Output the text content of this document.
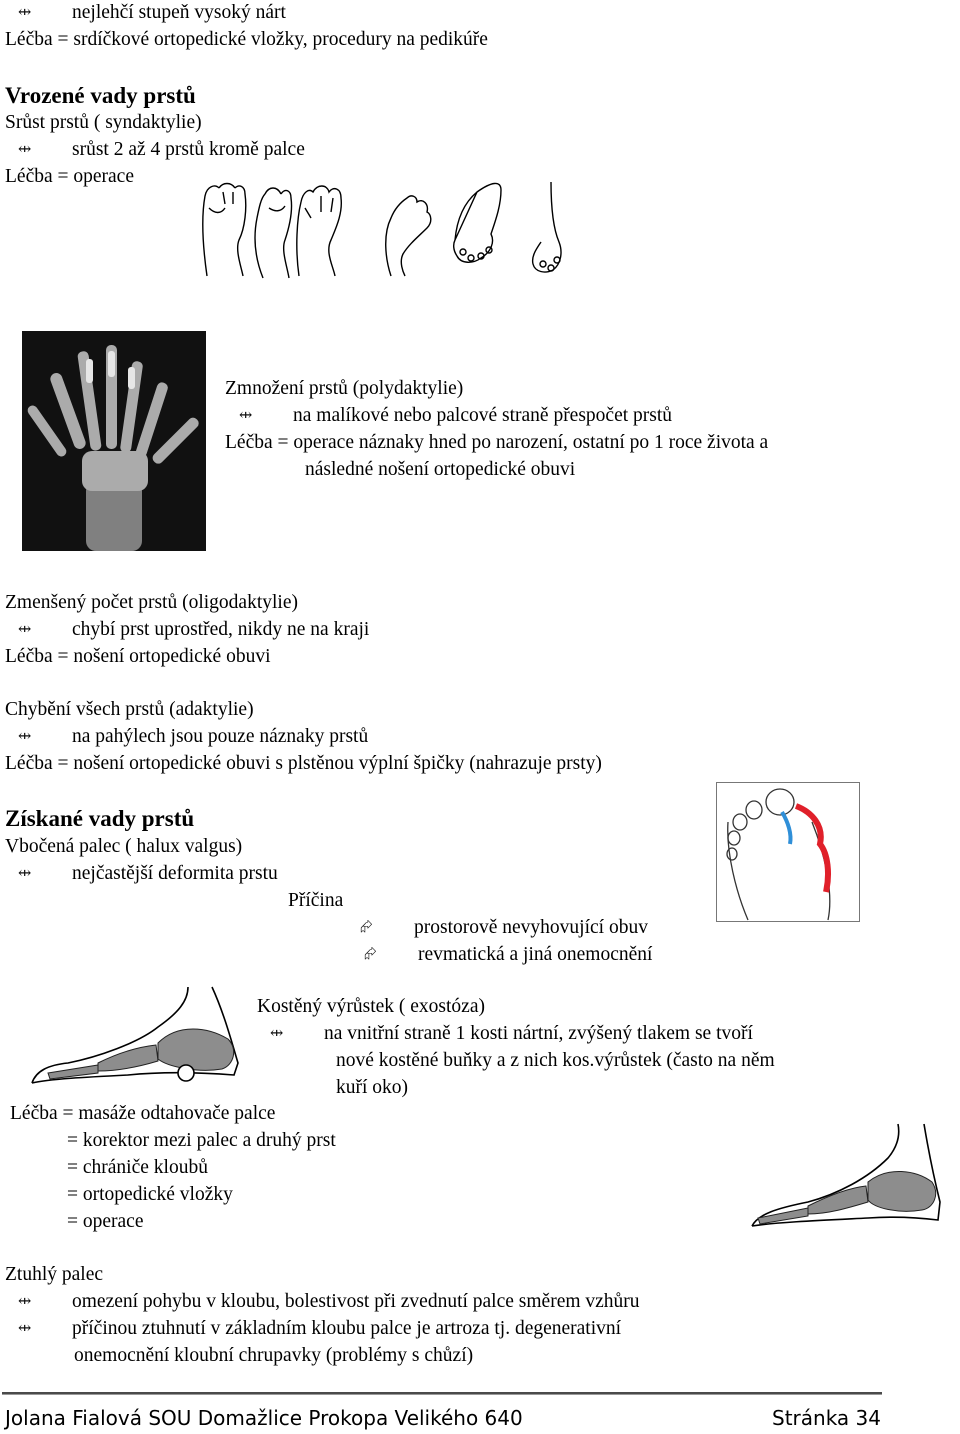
⇹ nejlehčí stupeň vysoký nárt
Léčba = srdíčkové ortopedické vložky, procedury na pedikúře
Vrozené vady prstů
Srůst prstů ( syndaktylie)
⇹ srůst 2 až 4 prstů kromě palce
Léčba = operace
Zmnožení prstů (polydaktylie)
⇹ na malíkové nebo palcové straně přespočet prstů
Léčba = operace náznaky hned po narození, ostatní po 1 roce života a
následné nošení ortopedické obuvi
Zmenšený počet prstů (oligodaktylie)
⇹ chybí prst uprostřed, nikdy ne na kraji
Léčba = nošení ortopedické obuvi
Chybění všech prstů (adaktylie)
⇹ na pahýlech jsou pouze náznaky prstů
Léčba = nošení ortopedické obuvi s plstěnou výplní špičky (nahrazuje prsty)
Získané vady prstů
Vbočená palec ( halux valgus)
⇹ nejčastější deformita prstu
Příčina
⮳ prostorově nevyhovující obuv
⮳ revmatická a jiná onemocnění
Kostěný výrůstek ( exostóza)
⇹ na vnitřní straně 1 kosti nártní, zvýšený tlakem se tvoří
nové kostěné buňky a z nich kos.výrůstek (často na něm
kuří oko)
Léčba = masáže odtahovače palce
= korektor mezi palec a druhý prst
= chrániče kloubů
= ortopedické vložky
= operace
Ztuhlý palec
⇹ omezení pohybu v kloubu, bolestivost při zvednutí palce směrem vzhůru
⇹ příčinou ztuhnutí v základním kloubu palce je artroza tj. degenerativní
onemocnění kloubní chrupavky (problémy s chůzí)
Jolana Fialová SOU Domažlice Prokopa Velikého 640	Stránka 34
